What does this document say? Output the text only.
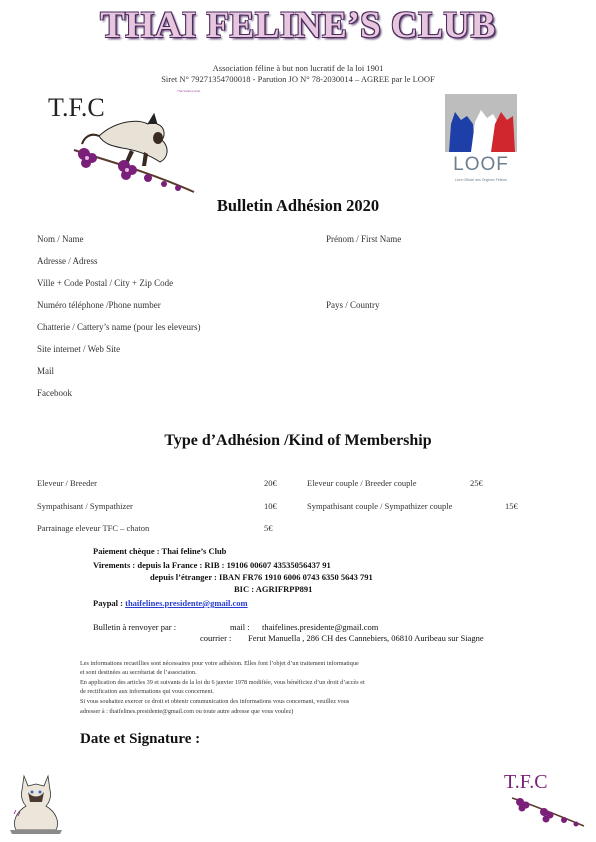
THAI FELINE’S CLUB
Association féline à but non lucratif de la loi 1901
Siret N° 79271354700018 - Parution JO N° 78-2030014 – AGREE par le LOOF
Thai Felines Club
T.F.C
LOOF
Livre Officiel des Origines Félines
Bulletin Adhésion 2020
Nom / Name	Prénom / First Name
Adresse / Adress
Ville + Code Postal / City + Zip Code
Numéro téléphone /Phone number	Pays / Country
Chatterie / Cattery’s name (pour les eleveurs)
Site internet / Web Site
Mail
Facebook
Type d’Adhésion /Kind of Membership
Eleveur / Breeder	20€	Eleveur couple / Breeder couple	25€
Sympathisant / Sympathizer	10€	Sympathisant couple / Sympathizer couple	15€
Parrainage eleveur TFC – chaton	5€
Paiement chèque : Thai feline’s Club
Virements : depuis la France : RIB : 19106 00607 43535056437 91
depuis l’étranger : IBAN FR76 1910 6006 0743 6350 5643 791
BIC : AGRIFRPP891
Paypal : thaifelines.presidente@gmail.com
Bulletin à renvoyer par :	mail : thaifelines.presidente@gmail.com
courrier : Ferut Manuella , 286 CH des Cannebiers, 06810 Auribeau sur Siagne
Les informations recueillies sont nécessaires pour votre adhésion. Elles font l’objet d’un traitement informatique
et sont destinées au secrétariat de l’association.
En application des articles 39 et suivants de la loi du 6 janvier 1978 modifiée, vous bénéficiez d’un droit d’accès et
de rectification aux informations qui vous concernent.
Si vous souhaitez exercer ce droit et obtenir communication des informations vous concernant, veuillez vous
adresser à : thaifelines.presidente@gmail.com ou toute autre adresse que vous voulez)
Date et Signature :
T.F.C
